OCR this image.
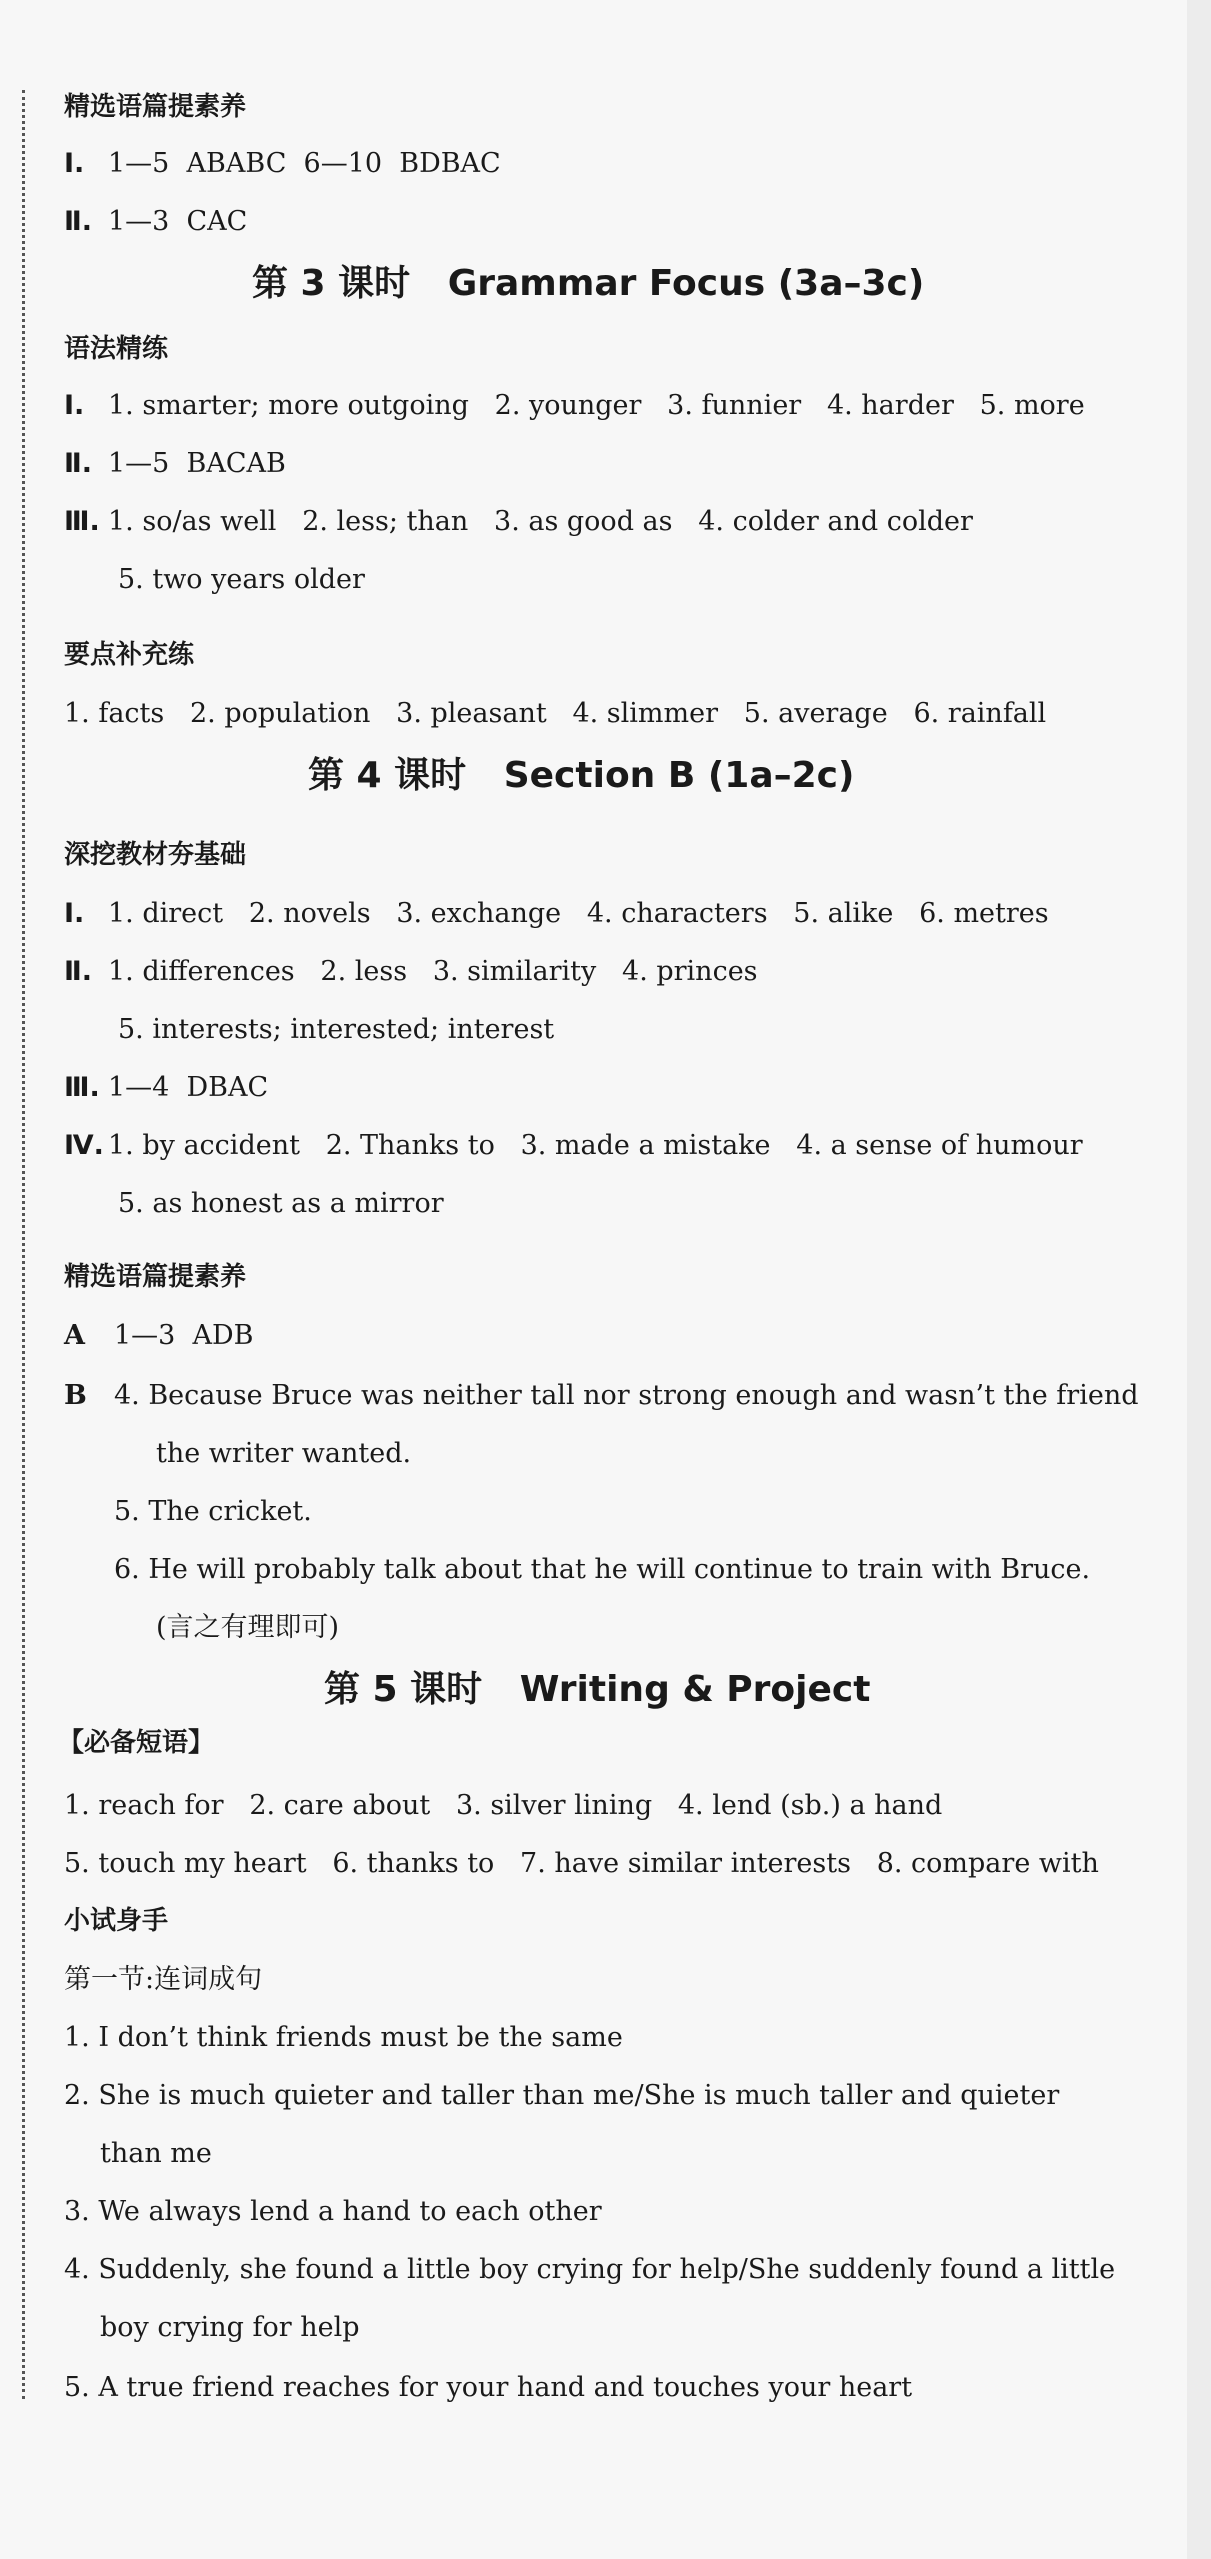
精选语篇提素养
Ⅰ. 1—5  ABABC  6—10  BDBAC
Ⅱ. 1—3  CAC
第 3 课时   Grammar Focus (3a–3c)
语法精练
Ⅰ. 1. smarter; more outgoing   2. younger   3. funnier   4. harder   5. more
Ⅱ. 1—5  BACAB
Ⅲ. 1. so/as well   2. less; than   3. as good as   4. colder and colder
5. two years older
要点补充练
1. facts   2. population   3. pleasant   4. slimmer   5. average   6. rainfall
第 4 课时   Section B (1a–2c)
深挖教材夯基础
Ⅰ. 1. direct   2. novels   3. exchange   4. characters   5. alike   6. metres
Ⅱ. 1. differences   2. less   3. similarity   4. princes
5. interests; interested; interest
Ⅲ. 1—4  DBAC
Ⅳ. 1. by accident   2. Thanks to   3. made a mistake   4. a sense of humour
5. as honest as a mirror
精选语篇提素养
A 1—3  ADB
B 4. Because Bruce was neither tall nor strong enough and wasn’t the friend
the writer wanted.
5. The cricket.
6. He will probably talk about that he will continue to train with Bruce.
(言之有理即可)
第 5 课时   Writing & Project
【必备短语】
1. reach for   2. care about   3. silver lining   4. lend (sb.) a hand
5. touch my heart   6. thanks to   7. have similar interests   8. compare with
小试身手
第一节:连词成句
1. I don’t think friends must be the same
2. She is much quieter and taller than me/She is much taller and quieter
than me
3. We always lend a hand to each other
4. Suddenly, she found a little boy crying for help/She suddenly found a little
boy crying for help
5. A true friend reaches for your hand and touches your heart
